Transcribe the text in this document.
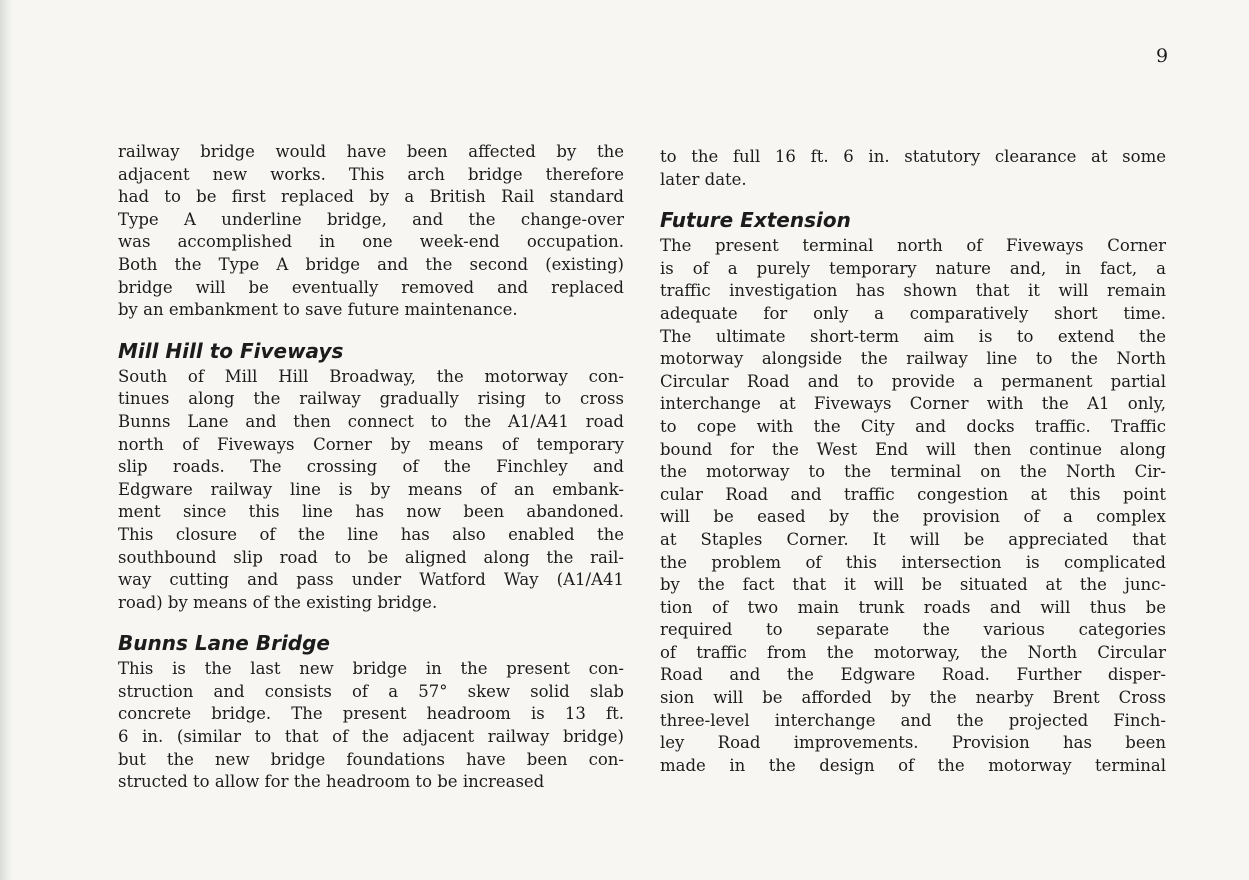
9
railway bridge would have been affected by the
adjacent new works. This arch bridge therefore
had to be first replaced by a British Rail standard
Type A underline bridge, and the change-over
was accomplished in one week-end occupation.
Both the Type A bridge and the second (existing)
bridge will be eventually removed and replaced
by an embankment to save future maintenance.
Mill Hill to Fiveways
South of Mill Hill Broadway, the motorway con-
tinues along the railway gradually rising to cross
Bunns Lane and then connect to the A1/A41 road
north of Fiveways Corner by means of temporary
slip roads. The crossing of the Finchley and
Edgware railway line is by means of an embank-
ment since this line has now been abandoned.
This closure of the line has also enabled the
southbound slip road to be aligned along the rail-
way cutting and pass under Watford Way (A1/A41
road) by means of the existing bridge.
Bunns Lane Bridge
This is the last new bridge in the present con-
struction and consists of a 57° skew solid slab
concrete bridge. The present headroom is 13 ft.
6 in. (similar to that of the adjacent railway bridge)
but the new bridge foundations have been con-
structed to allow for the headroom to be increased
to the full 16 ft. 6 in. statutory clearance at some
later date.
Future Extension
The present terminal north of Fiveways Corner
is of a purely temporary nature and, in fact, a
traffic investigation has shown that it will remain
adequate for only a comparatively short time.
The ultimate short-term aim is to extend the
motorway alongside the railway line to the North
Circular Road and to provide a permanent partial
interchange at Fiveways Corner with the A1 only,
to cope with the City and docks traffic. Traffic
bound for the West End will then continue along
the motorway to the terminal on the North Cir-
cular Road and traffic congestion at this point
will be eased by the provision of a complex
at Staples Corner. It will be appreciated that
the problem of this intersection is complicated
by the fact that it will be situated at the junc-
tion of two main trunk roads and will thus be
required to separate the various categories
of traffic from the motorway, the North Circular
Road and the Edgware Road. Further disper-
sion will be afforded by the nearby Brent Cross
three-level interchange and the projected Finch-
ley Road improvements. Provision has been
made in the design of the motorway terminal
